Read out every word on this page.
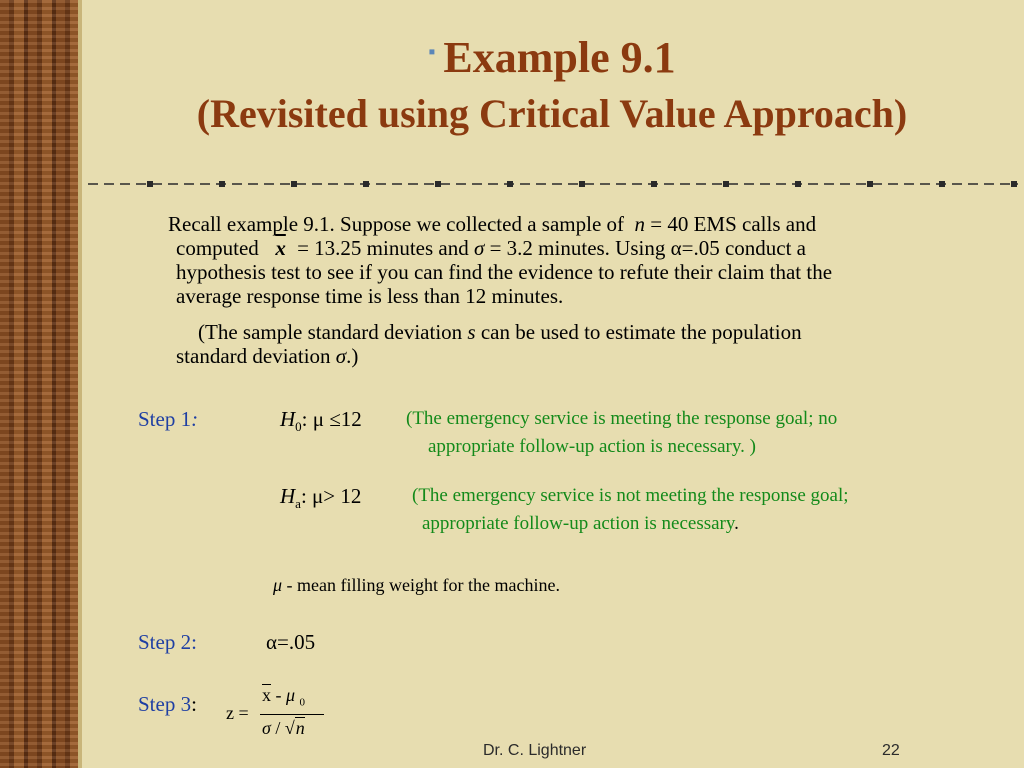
▪ Example 9.1
(Revisited using Critical Value Approach)
Recall example 9.1. Suppose we collected a sample of n = 40 EMS calls and
computed $\overline{x} = 13.25$ minutes and σ = 3.2 minutes. Using α=.05 conduct a
hypothesis test to see if you can find the evidence to refute their claim that the
average response time is less than 12 minutes.
(The sample standard deviation s can be used to estimate the population
standard deviation σ.)
Step 1:	$H_0$: μ ≤12 (The emergency service is meeting the response goal; no
appropriate follow-up action is necessary. )
$H_a$: μ> 12	(The emergency service is not meeting the response goal;
appropriate follow-up action is necessary.
μ - mean filling weight for the machine.
Step 2:	α=.05
Step 3: z =
$\overline{x}$ - μ $_0$
σ / √n
Dr. C. Lightner	22
